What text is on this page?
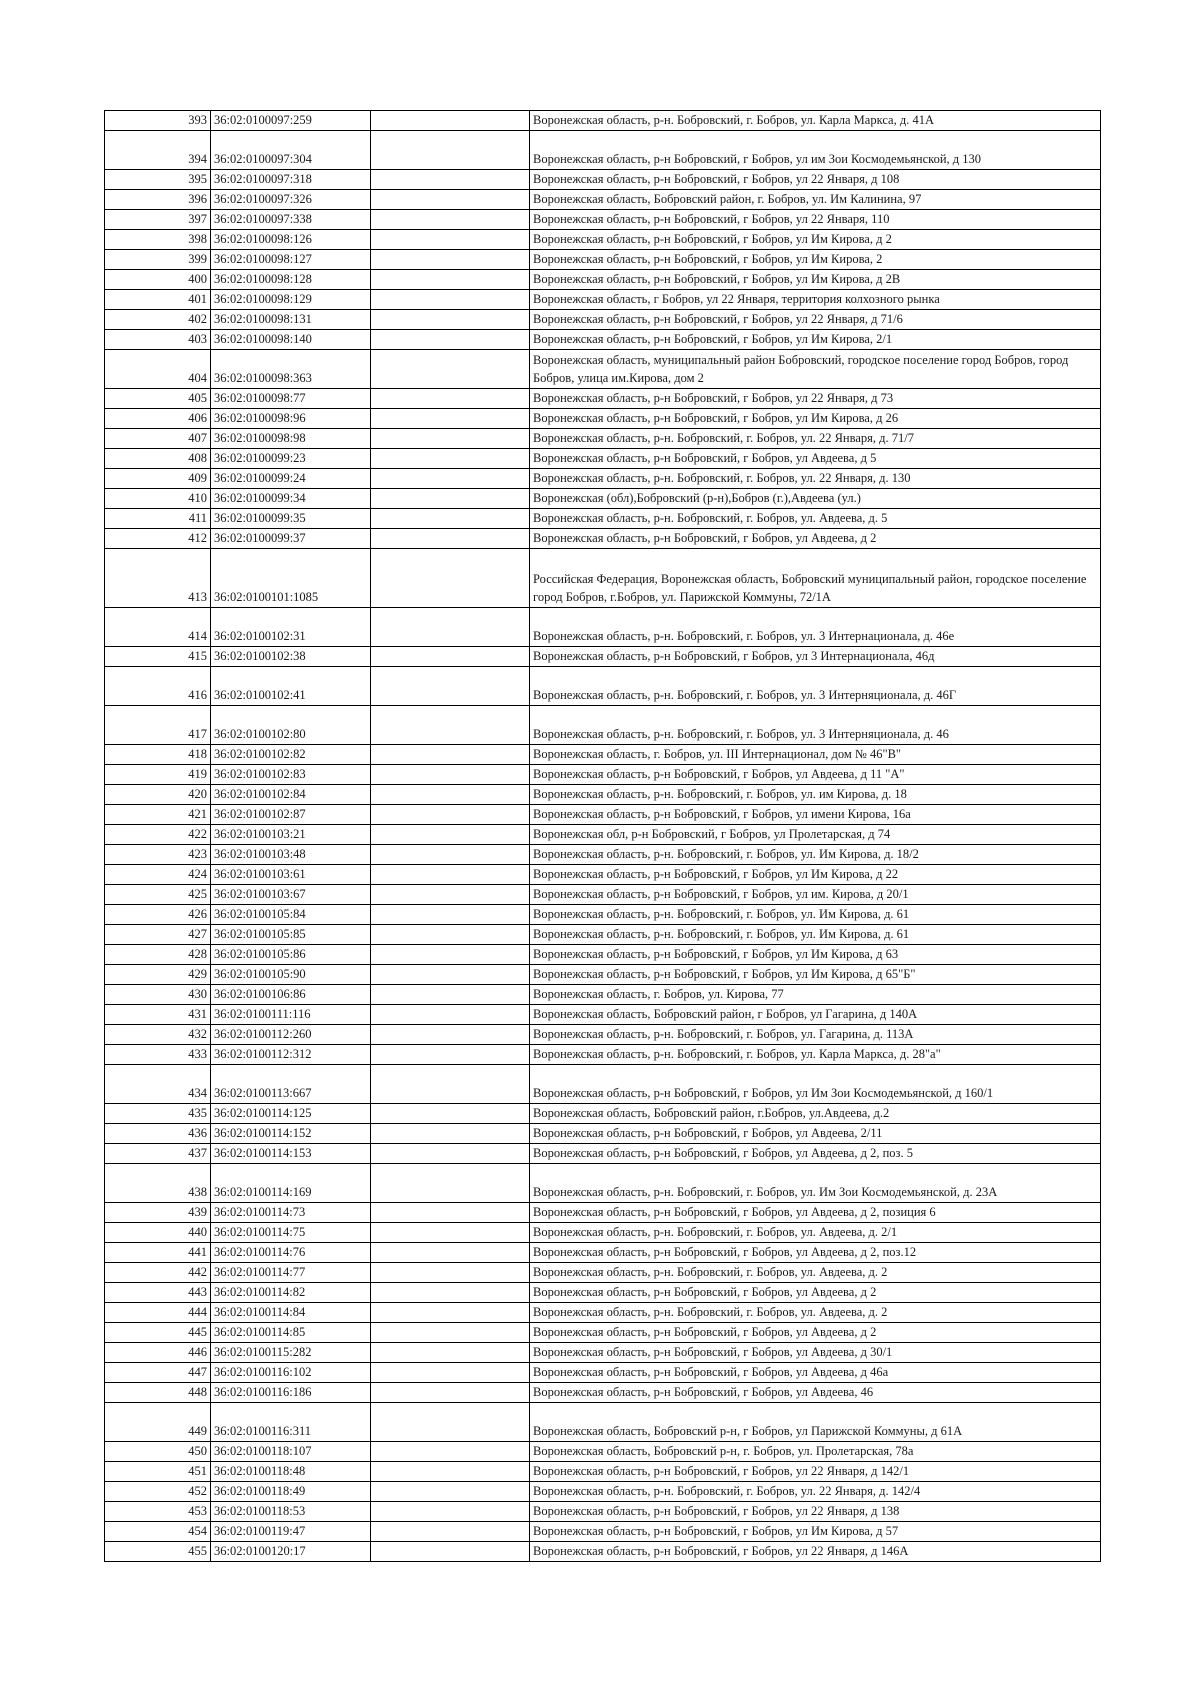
393	36:02:0100097:259		Воронежская область, р-н. Бобровский, г. Бобров, ул. Карла Маркса, д. 41А
394	36:02:0100097:304		Воронежская область, р-н Бобровский, г Бобров, ул им Зои Космодемьянской, д 130
395	36:02:0100097:318		Воронежская область, р-н Бобровский, г Бобров, ул 22 Января, д 108
396	36:02:0100097:326		Воронежская область, Бобровский район, г. Бобров, ул. Им Калинина, 97
397	36:02:0100097:338		Воронежская область, р-н Бобровский, г Бобров, ул 22 Января, 110
398	36:02:0100098:126		Воронежская область, р-н Бобровский, г Бобров, ул Им Кирова, д 2
399	36:02:0100098:127		Воронежская область, р-н Бобровский, г Бобров, ул Им Кирова, 2
400	36:02:0100098:128		Воронежская область, р-н Бобровский, г Бобров, ул Им Кирова, д 2В
401	36:02:0100098:129		Воронежская область, г Бобров, ул 22 Января, территория колхозного рынка
402	36:02:0100098:131		Воронежская область, р-н Бобровский, г Бобров, ул 22 Января, д 71/6
403	36:02:0100098:140		Воронежская область, р-н Бобровский, г Бобров, ул Им Кирова, 2/1
404	36:02:0100098:363		Воронежская область, муниципальный район Бобровский, городское поселение город Бобров, город Бобров, улица им.Кирова, дом 2
405	36:02:0100098:77		Воронежская область, р-н Бобровский, г Бобров, ул 22 Января, д 73
406	36:02:0100098:96		Воронежская область, р-н Бобровский, г Бобров, ул Им Кирова, д 26
407	36:02:0100098:98		Воронежская область, р-н. Бобровский, г. Бобров, ул. 22 Января, д. 71/7
408	36:02:0100099:23		Воронежская область, р-н Бобровский, г Бобров, ул Авдеева, д 5
409	36:02:0100099:24		Воронежская область, р-н. Бобровский, г. Бобров, ул. 22 Января, д. 130
410	36:02:0100099:34		Воронежская (обл),Бобровский (р-н),Бобров (г.),Авдеева (ул.)
411	36:02:0100099:35		Воронежская область, р-н. Бобровский, г. Бобров, ул. Авдеева, д. 5
412	36:02:0100099:37		Воронежская область, р-н Бобровский, г Бобров, ул Авдеева, д 2
413	36:02:0100101:1085		Российская Федерация, Воронежская область, Бобровский муниципальный район, городское поселение город Бобров, г.Бобров, ул. Парижской Коммуны, 72/1А
414	36:02:0100102:31		Воронежская область, р-н. Бобровский, г. Бобров, ул. 3 Интернационала, д. 46е
415	36:02:0100102:38		Воронежская область, р-н Бобровский, г Бобров, ул 3 Интернационала, 46д
416	36:02:0100102:41		Воронежская область, р-н. Бобровский, г. Бобров, ул. 3 Интерняционала, д. 46Г
417	36:02:0100102:80		Воронежская область, р-н. Бобровский, г. Бобров, ул. 3 Интерняционала, д. 46
418	36:02:0100102:82		Воронежская область, г. Бобров, ул. III Интернационал, дом № 46"В"
419	36:02:0100102:83		Воронежская область, р-н Бобровский, г Бобров, ул Авдеева, д 11 "А"
420	36:02:0100102:84		Воронежская область, р-н. Бобровский, г. Бобров, ул. им Кирова, д. 18
421	36:02:0100102:87		Воронежская область, р-н Бобровский, г Бобров, ул имени Кирова, 16а
422	36:02:0100103:21		Воронежская обл, р-н Бобровский, г Бобров, ул Пролетарская, д 74
423	36:02:0100103:48		Воронежская область, р-н. Бобровский, г. Бобров, ул. Им Кирова, д. 18/2
424	36:02:0100103:61		Воронежская область, р-н Бобровский, г Бобров, ул Им Кирова, д 22
425	36:02:0100103:67		Воронежская область, р-н Бобровский, г Бобров, ул им. Кирова, д 20/1
426	36:02:0100105:84		Воронежская область, р-н. Бобровский, г. Бобров, ул. Им Кирова, д. 61
427	36:02:0100105:85		Воронежская область, р-н. Бобровский, г. Бобров, ул. Им Кирова, д. 61
428	36:02:0100105:86		Воронежская область, р-н Бобровский, г Бобров, ул Им Кирова, д 63
429	36:02:0100105:90		Воронежская область, р-н Бобровский, г Бобров, ул Им Кирова, д 65"Б"
430	36:02:0100106:86		Воронежская область, г. Бобров, ул. Кирова, 77
431	36:02:0100111:116		Воронежская область, Бобровский район, г Бобров, ул Гагарина, д 140А
432	36:02:0100112:260		Воронежская область, р-н. Бобровский, г. Бобров, ул. Гагарина, д. 113А
433	36:02:0100112:312		Воронежская область, р-н. Бобровский, г. Бобров, ул. Карла Маркса, д. 28"а"
434	36:02:0100113:667		Воронежская область, р-н Бобровский, г Бобров, ул Им Зои Космодемьянской, д 160/1
435	36:02:0100114:125		Воронежская область, Бобровский район, г.Бобров, ул.Авдеева, д.2
436	36:02:0100114:152		Воронежская область, р-н Бобровский, г Бобров, ул Авдеева, 2/11
437	36:02:0100114:153		Воронежская область, р-н Бобровский, г Бобров, ул Авдеева, д 2, поз. 5
438	36:02:0100114:169		Воронежская область, р-н. Бобровский, г. Бобров, ул. Им Зои Космодемьянской, д. 23А
439	36:02:0100114:73		Воронежская область, р-н Бобровский, г Бобров, ул Авдеева, д 2, позиция 6
440	36:02:0100114:75		Воронежская область, р-н. Бобровский, г. Бобров, ул. Авдеева, д. 2/1
441	36:02:0100114:76		Воронежская область, р-н Бобровский, г Бобров, ул Авдеева, д 2, поз.12
442	36:02:0100114:77		Воронежская область, р-н. Бобровский, г. Бобров, ул. Авдеева, д. 2
443	36:02:0100114:82		Воронежская область, р-н Бобровский, г Бобров, ул Авдеева, д 2
444	36:02:0100114:84		Воронежская область, р-н. Бобровский, г. Бобров, ул. Авдеева, д. 2
445	36:02:0100114:85		Воронежская область, р-н Бобровский, г Бобров, ул Авдеева, д 2
446	36:02:0100115:282		Воронежская область, р-н Бобровский, г Бобров, ул Авдеева, д 30/1
447	36:02:0100116:102		Воронежская область, р-н Бобровский, г Бобров, ул Авдеева, д 46а
448	36:02:0100116:186		Воронежская область, р-н Бобровский, г Бобров, ул Авдеева, 46
449	36:02:0100116:311		Воронежская область, Бобровский р-н, г Бобров, ул Парижской Коммуны, д 61А
450	36:02:0100118:107		Воронежская область, Бобровский р-н, г. Бобров, ул. Пролетарская, 78а
451	36:02:0100118:48		Воронежская область, р-н Бобровский, г Бобров, ул 22 Января, д 142/1
452	36:02:0100118:49		Воронежская область, р-н. Бобровский, г. Бобров, ул. 22 Января, д. 142/4
453	36:02:0100118:53		Воронежская область, р-н Бобровский, г Бобров, ул 22 Января, д 138
454	36:02:0100119:47		Воронежская область, р-н Бобровский, г Бобров, ул Им Кирова, д 57
455	36:02:0100120:17		Воронежская область, р-н Бобровский, г Бобров, ул 22 Января, д 146А
